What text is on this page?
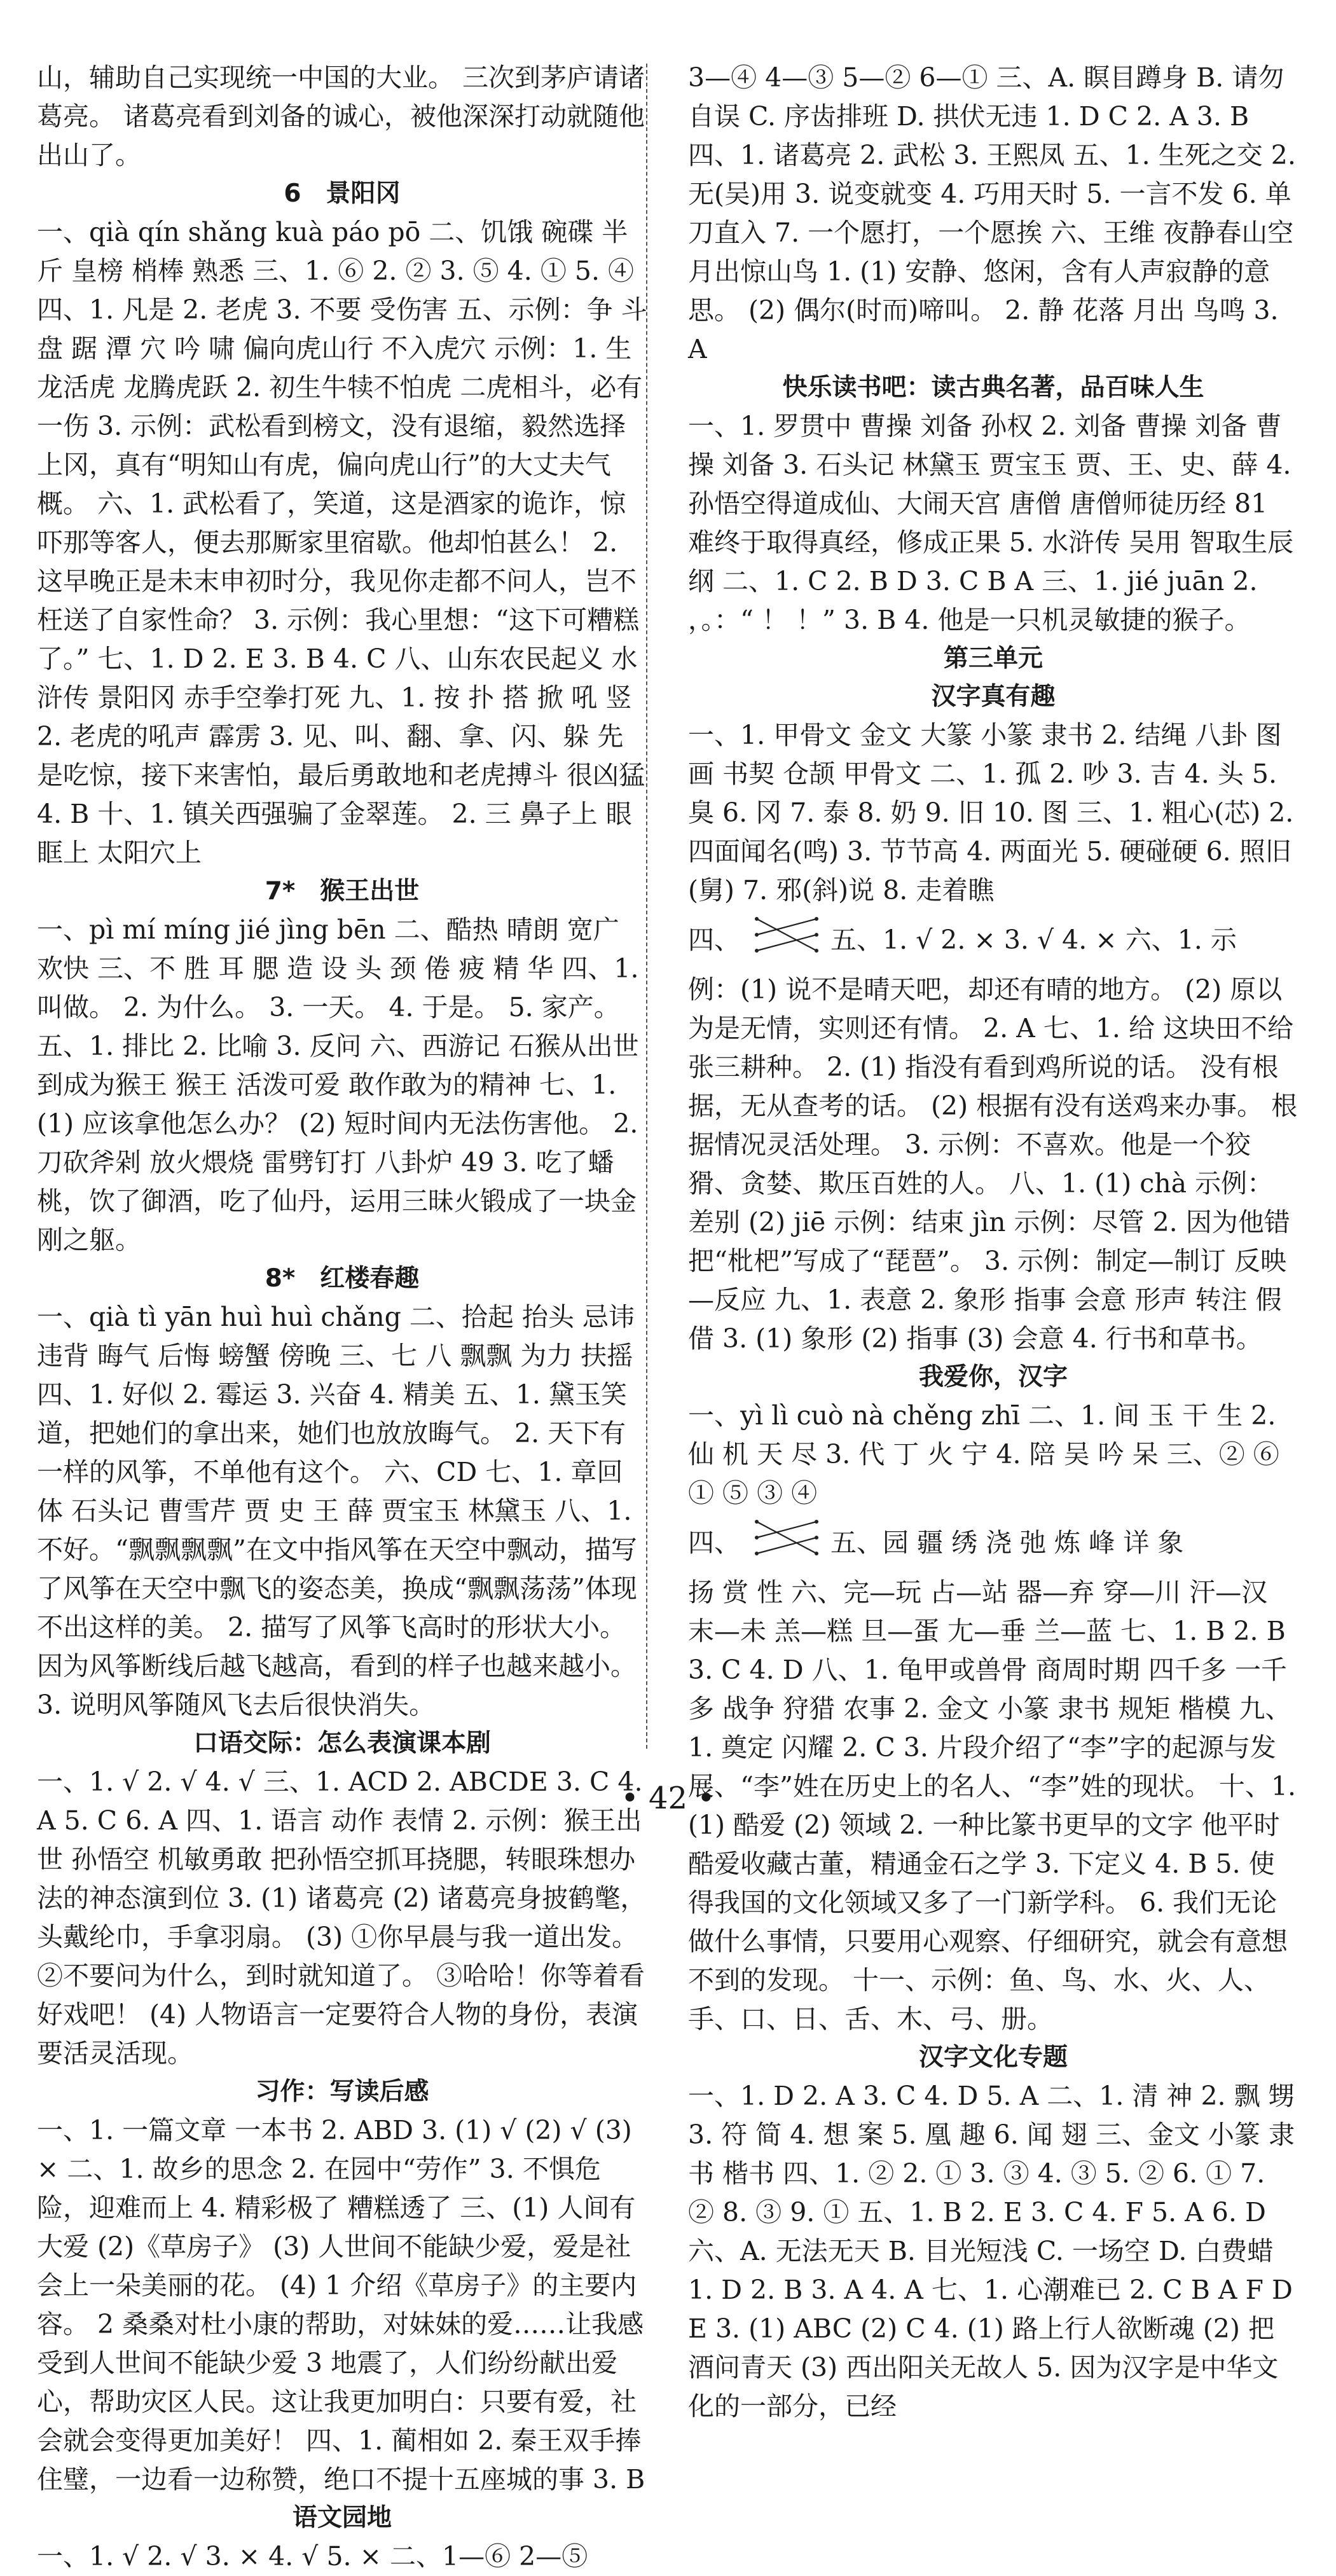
山，辅助自己实现统一中国的大业。 三次到茅庐请诸葛亮。 诸葛亮看到刘备的诚心，被他深深打动就随他出山了。

6　景阳冈

一、qià qín shǎng kuà páo pō 二、饥饿 碗碟 半斤 皇榜 梢棒 熟悉 三、1. ⑥ 2. ② 3. ⑤ 4. ① 5. ④ 四、1. 凡是 2. 老虎 3. 不要 受伤害 五、示例：争 斗 盘 踞 潭 穴 吟 啸 偏向虎山行 不入虎穴 示例：1. 生龙活虎 龙腾虎跃 2. 初生牛犊不怕虎 二虎相斗，必有一伤 3. 示例：武松看到榜文，没有退缩，毅然选择上冈，真有“明知山有虎，偏向虎山行”的大丈夫气概。 六、1. 武松看了，笑道，这是酒家的诡诈，惊吓那等客人，便去那厮家里宿歇。他却怕甚么！ 2. 这早晚正是未末申初时分，我见你走都不问人，岂不枉送了自家性命？ 3. 示例：我心里想：“这下可糟糕了。” 七、1. D 2. E 3. B 4. C 八、山东农民起义 水浒传 景阳冈 赤手空拳打死 九、1. 按 扑 搭 掀 吼 竖 2. 老虎的吼声 霹雳 3. 见、叫、翻、拿、闪、躲 先是吃惊，接下来害怕，最后勇敢地和老虎搏斗 很凶猛 4. B 十、1. 镇关西强骗了金翠莲。 2. 三 鼻子上 眼眶上 太阳穴上

7*　猴王出世

一、pì mí míng jié jìng bēn 二、酷热 晴朗 宽广 欢快 三、不 胜 耳 腮 造 设 头 颈 倦 疲 精 华 四、1. 叫做。 2. 为什么。 3. 一天。 4. 于是。 5. 家产。 五、1. 排比 2. 比喻 3. 反问 六、西游记 石猴从出世到成为猴王 猴王 活泼可爱 敢作敢为的精神 七、1. (1) 应该拿他怎么办？ (2) 短时间内无法伤害他。 2. 刀砍斧剁 放火煨烧 雷劈钉打 八卦炉 49 3. 吃了蟠桃，饮了御酒，吃了仙丹，运用三昧火锻成了一块金刚之躯。

8*　红楼春趣

一、qià tì yān huì huì chǎng 二、拾起 抬头 忌讳 违背 晦气 后悔 螃蟹 傍晚 三、七 八 飘飘 为力 扶摇 四、1. 好似 2. 霉运 3. 兴奋 4. 精美 五、1. 黛玉笑道，把她们的拿出来，她们也放放晦气。 2. 天下有一样的风筝，不单他有这个。 六、CD 七、1. 章回体 石头记 曹雪芹 贾 史 王 薛 贾宝玉 林黛玉 八、1. 不好。“飘飘飘飘”在文中指风筝在天空中飘动，描写了风筝在天空中飘飞的姿态美，换成“飘飘荡荡”体现不出这样的美。 2. 描写了风筝飞高时的形状大小。因为风筝断线后越飞越高，看到的样子也越来越小。 3. 说明风筝随风飞去后很快消失。

口语交际：怎么表演课本剧

一、1. √ 2. √ 4. √ 三、1. ACD 2. ABCDE 3. C 4. A 5. C 6. A 四、1. 语言 动作 表情 2. 示例：猴王出世 孙悟空 机敏勇敢 把孙悟空抓耳挠腮，转眼珠想办法的神态演到位 3. (1) 诸葛亮 (2) 诸葛亮身披鹤氅，头戴纶巾，手拿羽扇。 (3) ①你早晨与我一道出发。 ②不要问为什么，到时就知道了。 ③哈哈！你等着看好戏吧！ (4) 人物语言一定要符合人物的身份，表演要活灵活现。

习作：写读后感

一、1. 一篇文章 一本书 2. ABD 3. (1) √ (2) √ (3) × 二、1. 故乡的思念 2. 在园中“劳作” 3. 不惧危险，迎难而上 4. 精彩极了 糟糕透了 三、(1) 人间有大爱 (2)《草房子》 (3) 人世间不能缺少爱，爱是社会上一朵美丽的花。 (4) 1 介绍《草房子》的主要内容。 2 桑桑对杜小康的帮助，对妹妹的爱……让我感受到人世间不能缺少爱 3 地震了，人们纷纷献出爱心，帮助灾区人民。这让我更加明白：只要有爱，社会就会变得更加美好！ 四、1. 蔺相如 2. 秦王双手捧住璧，一边看一边称赞，绝口不提十五座城的事 3. B

语文园地

一、1. √ 2. √ 3. × 4. √ 5. × 二、1—⑥ 2—⑤

3—④ 4—③ 5—② 6—① 三、A. 瞑目蹲身 B. 请勿自误 C. 序齿排班 D. 拱伏无违 1. D C 2. A 3. B 四、1. 诸葛亮 2. 武松 3. 王熙凤 五、1. 生死之交 2. 无(吴)用 3. 说变就变 4. 巧用天时 5. 一言不发 6. 单刀直入 7. 一个愿打，一个愿挨 六、王维 夜静春山空 月出惊山鸟 1. (1) 安静、悠闲，含有人声寂静的意思。 (2) 偶尔(时而)啼叫。 2. 静 花落 月出 鸟鸣 3. A

快乐读书吧：读古典名著，品百味人生

一、1. 罗贯中 曹操 刘备 孙权 2. 刘备 曹操 刘备 曹操 刘备 3. 石头记 林黛玉 贾宝玉 贾、王、史、薛 4. 孙悟空得道成仙、大闹天宫 唐僧 唐僧师徒历经 81 难终于取得真经，修成正果 5. 水浒传 吴用 智取生辰纲 二、1. C 2. B D 3. C B A 三、1. jié juān 2. ，。：“ ！ ！” 3. B 4. 他是一只机灵敏捷的猴子。

第三单元

汉字真有趣

一、1. 甲骨文 金文 大篆 小篆 隶书 2. 结绳 八卦 图画 书契 仓颉 甲骨文 二、1. 孤 2. 吵 3. 吉 4. 头 5. 臭 6. 冈 7. 泰 8. 奶 9. 旧 10. 图 三、1. 粗心(芯) 2. 四面闻名(鸣) 3. 节节高 4. 两面光 5. 硬碰硬 6. 照旧(舅) 7. 邪(斜)说 8. 走着瞧

四、	五、1. √ 2. × 3. √ 4. × 六、1. 示

例：(1) 说不是晴天吧，却还有晴的地方。 (2) 原以为是无情，实则还有情。 2. A 七、1. 给 这块田不给张三耕种。 2. (1) 指没有看到鸡所说的话。 没有根据，无从查考的话。 (2) 根据有没有送鸡来办事。 根据情况灵活处理。 3. 示例：不喜欢。他是一个狡猾、贪婪、欺压百姓的人。 八、1. (1) chà 示例：差别 (2) jiē 示例：结束 jìn 示例：尽管 2. 因为他错把“枇杷”写成了“琵琶”。 3. 示例：制定—制订 反映—反应 九、1. 表意 2. 象形 指事 会意 形声 转注 假借 3. (1) 象形 (2) 指事 (3) 会意 4. 行书和草书。

我爱你，汉字

一、yì lì cuò nà chěng zhī 二、1. 间 玉 干 生 2. 仙 机 天 尽 3. 代 丁 火 宁 4. 陪 吴 吟 呆 三、② ⑥ ① ⑤ ③ ④

四、	五、园 疆 绣 浇 弛 炼 峰 详 象

扬 赏 性 六、完—玩 占—站 器—弃 穿—川 汗—汉 末—未 羔—糕 旦—蛋 尢—垂 兰—蓝 七、1. B 2. B 3. C 4. D 八、1. 龟甲或兽骨 商周时期 四千多 一千多 战争 狩猎 农事 2. 金文 小篆 隶书 规矩 楷模 九、1. 奠定 闪耀 2. C 3. 片段介绍了“李”字的起源与发展、“李”姓在历史上的名人、“李”姓的现状。 十、1. (1) 酷爱 (2) 领域 2. 一种比篆书更早的文字 他平时酷爱收藏古董，精通金石之学 3. 下定义 4. B 5. 使得我国的文化领域又多了一门新学科。 6. 我们无论做什么事情，只要用心观察、仔细研究，就会有意想不到的发现。 十一、示例：鱼、鸟、水、火、人、手、口、日、舌、木、弓、册。

汉字文化专题

一、1. D 2. A 3. C 4. D 5. A 二、1. 清 神 2. 飘 甥 3. 符 简 4. 想 案 5. 凰 趣 6. 闻 翅 三、金文 小篆 隶书 楷书 四、1. ② 2. ① 3. ③ 4. ③ 5. ② 6. ① 7. ② 8. ③ 9. ① 五、1. B 2. E 3. C 4. F 5. A 6. D 六、A. 无法无天 B. 目光短浅 C. 一场空 D. 白费蜡 1. D 2. B 3. A 4. A 七、1. 心潮难已 2. C B A F D E 3. (1) ABC (2) C 4. (1) 路上行人欲断魂 (2) 把酒问青天 (3) 西出阳关无故人 5. 因为汉字是中华文化的一部分，已经

• 42 •
